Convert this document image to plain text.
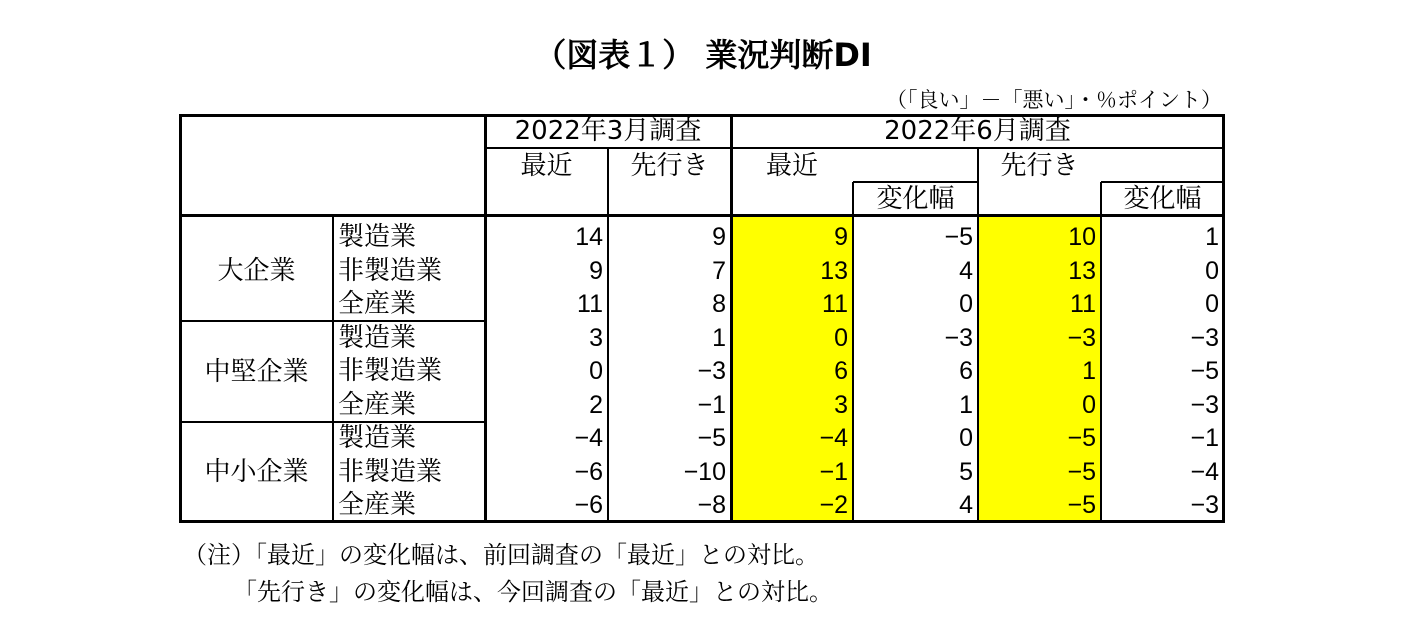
（図表１） 業況判断DI
（「良い」－「悪い」・％ポイント）
2022年3月調査	2022年6月調査
最近	先行き	最近	先行き
変化幅	変化幅
大企業
製造業	14	9	9	−5	10	1
非製造業	9	7	13	4	13	0
全産業	11	8	11	0	11	0
中堅企業
製造業	3	1	0	−3	−3	−3
非製造業	0	−3	6	6	1	−5
全産業	2	−1	3	1	0	−3
中小企業
製造業	−4	−5	−4	0	−5	−1
非製造業	−6	−10	−1	5	−5	−4
全産業	−6	−8	−2	4	−5	−3
（注）「最近」の変化幅は、前回調査の「最近」との対比。
「先行き」の変化幅は、今回調査の「最近」との対比。
